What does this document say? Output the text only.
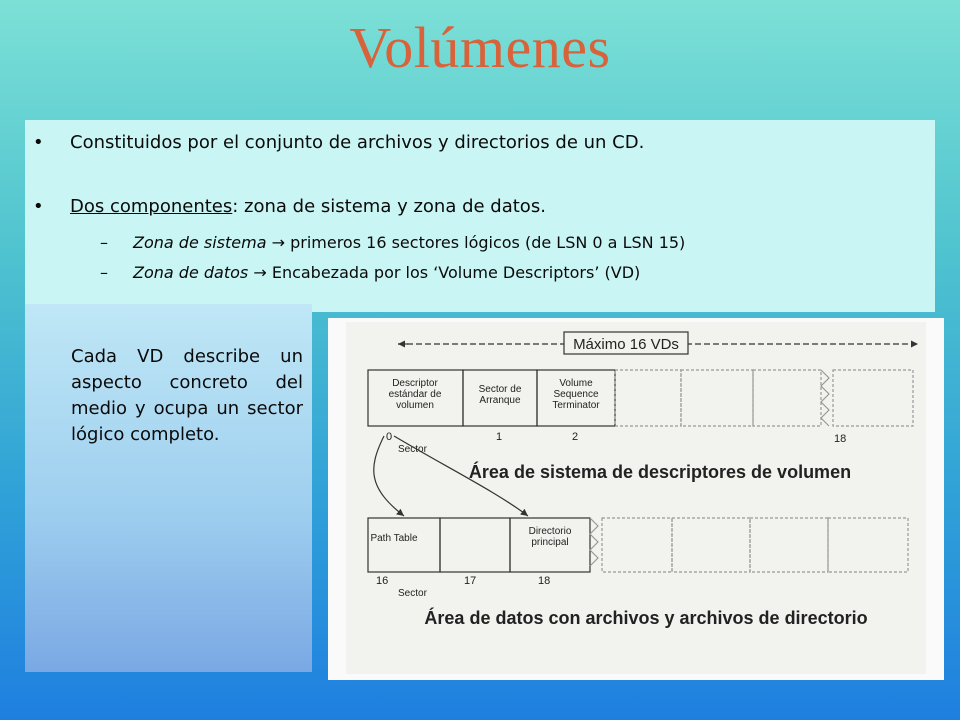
Volúmenes
• Constituidos por el conjunto de archivos y directorios de un CD.
• Dos componentes: zona de sistema y zona de datos.
– Zona de sistema → primeros 16 sectores lógicos (de LSN 0 a LSN 15)
– Zona de datos → Encabezada por los ‘Volume Descriptors’ (VD)
Cada VD describe un aspecto concreto del medio y ocupa un sector lógico completo.
Máximo 16 VDs
Descriptor estándar de volumen
Sector de Arranque
Volume Sequence Terminator
0	1	2	18
Sector
Área de sistema de descriptores de volumen
Path Table
Directorio principal
16	17	18
Sector
Área de datos con archivos y archivos de directorio
